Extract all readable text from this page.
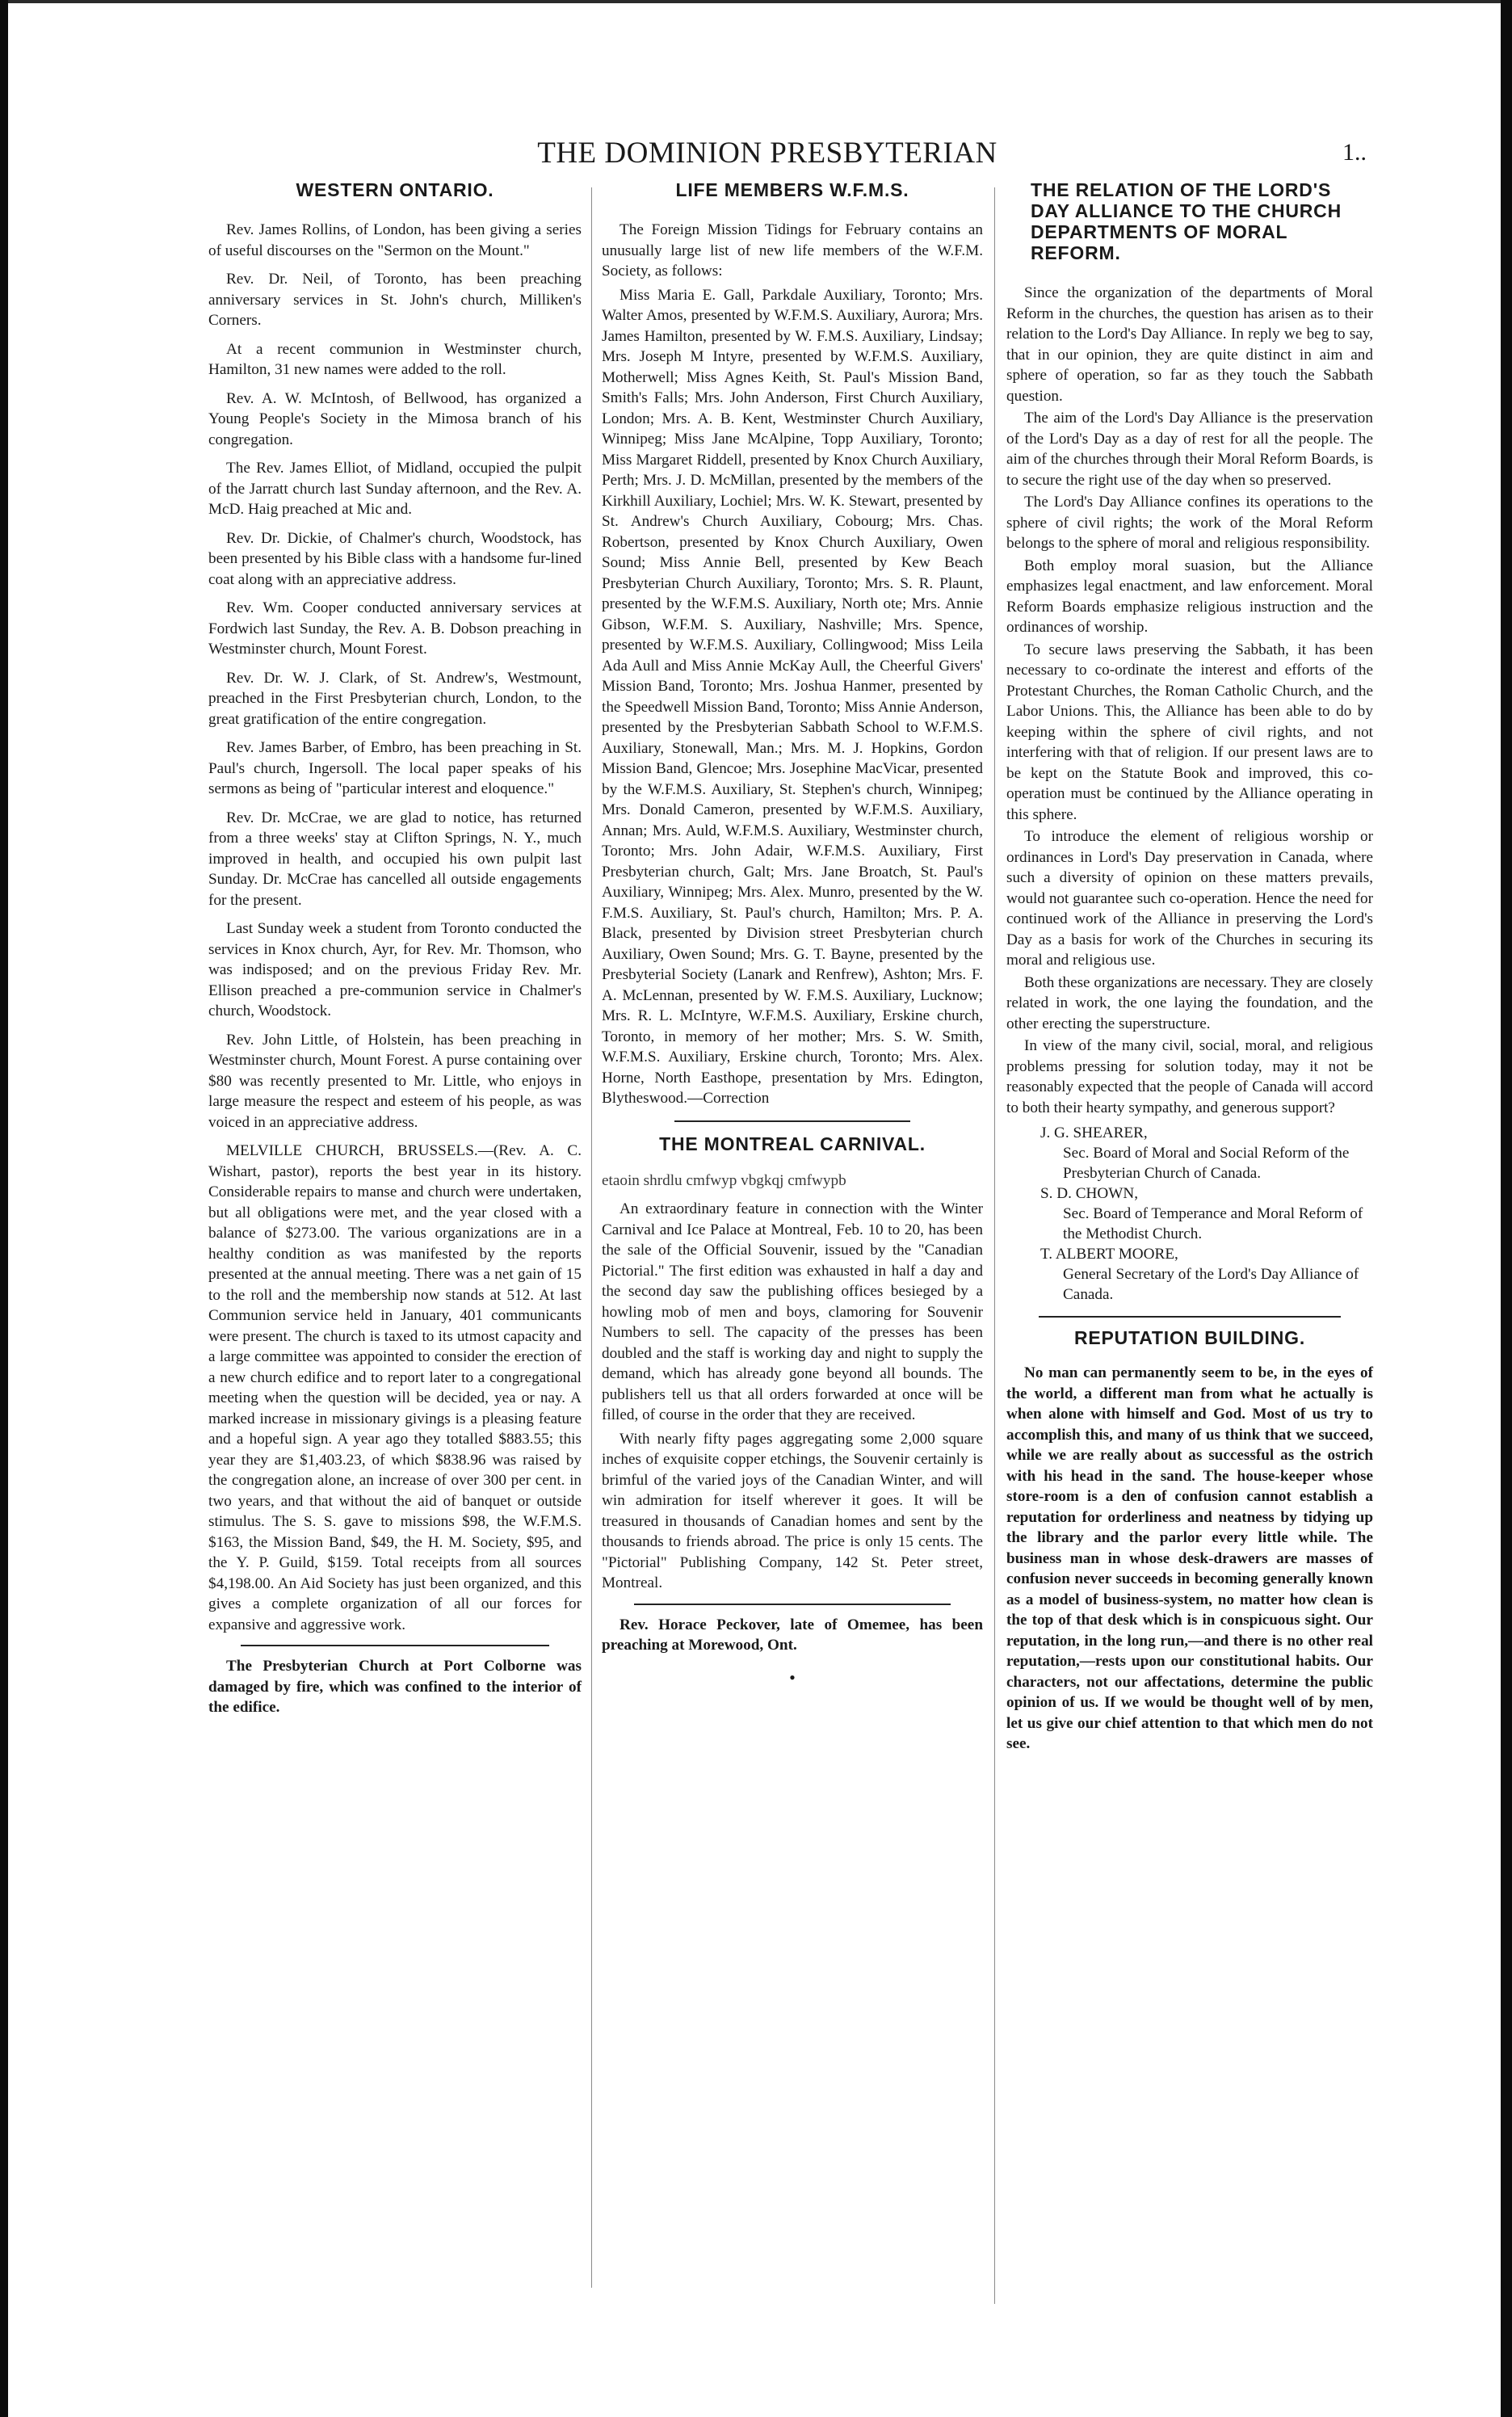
THE DOMINION PRESBYTERIAN	1..
WESTERN ONTARIO.

Rev. James Rollins, of London, has been giving a series of useful discourses on the "Sermon on the Mount."

Rev. Dr. Neil, of Toronto, has been preaching anniversary services in St. John's church, Milliken's Corners.

At a recent communion in Westminster church, Hamilton, 31 new names were added to the roll.

Rev. A. W. McIntosh, of Bellwood, has organized a Young People's Society in the Mimosa branch of his congregation.

The Rev. James Elliot, of Midland, occupied the pulpit of the Jarratt church last Sunday afternoon, and the Rev. A. McD. Haig preached at Mic and.

Rev. Dr. Dickie, of Chalmer's church, Woodstock, has been presented by his Bible class with a handsome fur-lined coat along with an appreciative address.

Rev. Wm. Cooper conducted anniversary services at Fordwich last Sunday, the Rev. A. B. Dobson preaching in Westminster church, Mount Forest.

Rev. Dr. W. J. Clark, of St. Andrew's, Westmount, preached in the First Presbyterian church, London, to the great gratification of the entire congregation.

Rev. James Barber, of Embro, has been preaching in St. Paul's church, Ingersoll. The local paper speaks of his sermons as being of "particular interest and eloquence."

Rev. Dr. McCrae, we are glad to notice, has returned from a three weeks' stay at Clifton Springs, N. Y., much improved in health, and occupied his own pulpit last Sunday. Dr. McCrae has cancelled all outside engagements for the present.

Last Sunday week a student from Toronto conducted the services in Knox church, Ayr, for Rev. Mr. Thomson, who was indisposed; and on the previous Friday Rev. Mr. Ellison preached a pre-communion service in Chalmer's church, Woodstock.

Rev. John Little, of Holstein, has been preaching in Westminster church, Mount Forest. A purse containing over $80 was recently presented to Mr. Little, who enjoys in large measure the respect and esteem of his people, as was voiced in an appreciative address.

MELVILLE CHURCH, BRUSSELS.—(Rev. A. C. Wishart, pastor), reports the best year in its history. Considerable repairs to manse and church were undertaken, but all obligations were met, and the year closed with a balance of $273.00. The various organizations are in a healthy condition as was manifested by the reports presented at the annual meeting. There was a net gain of 15 to the roll and the membership now stands at 512. At last Communion service held in January, 401 communicants were present. The church is taxed to its utmost capacity and a large committee was appointed to consider the erection of a new church edifice and to report later to a congregational meeting when the question will be decided, yea or nay. A marked increase in missionary givings is a pleasing feature and a hopeful sign. A year ago they totalled $883.55; this year they are $1,403.23, of which $838.96 was raised by the congregation alone, an increase of over 300 per cent. in two years, and that without the aid of banquet or outside stimulus. The S. S. gave to missions $98, the W.F.M.S. $163, the Mission Band, $49, the H. M. Society, $95, and the Y. P. Guild, $159. Total receipts from all sources $4,198.00. An Aid Society has just been organized, and this gives a complete organization of all our forces for expansive and aggressive work.

The Presbyterian Church at Port Colborne was damaged by fire, which was confined to the interior of the edifice.

LIFE MEMBERS W.F.M.S.

The Foreign Mission Tidings for February contains an unusually large list of new life members of the W.F.M. Society, as follows:

Miss Maria E. Gall, Parkdale Auxiliary, Toronto; Mrs. Walter Amos, presented by W.F.M.S. Auxiliary, Aurora; Mrs. James Hamilton, presented by W. F.M.S. Auxiliary, Lindsay; Mrs. Joseph M Intyre, presented by W.F.M.S. Auxiliary, Motherwell; Miss Agnes Keith, St. Paul's Mission Band, Smith's Falls; Mrs. John Anderson, First Church Auxiliary, London; Mrs. A. B. Kent, Westminster Church Auxiliary, Winnipeg; Miss Jane McAlpine, Topp Auxiliary, Toronto; Miss Margaret Riddell, presented by Knox Church Auxiliary, Perth; Mrs. J. D. McMillan, presented by the members of the Kirkhill Auxiliary, Lochiel; Mrs. W. K. Stewart, presented by St. Andrew's Church Auxiliary, Cobourg; Mrs. Chas. Robertson, presented by Knox Church Auxiliary, Owen Sound; Miss Annie Bell, presented by Kew Beach Presbyterian Church Auxiliary, Toronto; Mrs. S. R. Plaunt, presented by the W.F.M.S. Auxiliary, North ote; Mrs. Annie Gibson, W.F.M. S. Auxiliary, Nashville; Mrs. Spence, presented by W.F.M.S. Auxiliary, Collingwood; Miss Leila Ada Aull and Miss Annie McKay Aull, the Cheerful Givers' Mission Band, Toronto; Mrs. Joshua Hanmer, presented by the Speedwell Mission Band, Toronto; Miss Annie Anderson, presented by the Presbyterian Sabbath School to W.F.M.S. Auxiliary, Stonewall, Man.; Mrs. M. J. Hopkins, Gordon Mission Band, Glencoe; Mrs. Josephine MacVicar, presented by the W.F.M.S. Auxiliary, St. Stephen's church, Winnipeg; Mrs. Donald Cameron, presented by W.F.M.S. Auxiliary, Annan; Mrs. Auld, W.F.M.S. Auxiliary, Westminster church, Toronto; Mrs. John Adair, W.F.M.S. Auxiliary, First Presbyterian church, Galt; Mrs. Jane Broatch, St. Paul's Auxiliary, Winnipeg; Mrs. Alex. Munro, presented by the W. F.M.S. Auxiliary, St. Paul's church, Hamilton; Mrs. P. A. Black, presented by Division street Presbyterian church Auxiliary, Owen Sound; Mrs. G. T. Bayne, presented by the Presbyterial Society (Lanark and Renfrew), Ashton; Mrs. F. A. McLennan, presented by W. F.M.S. Auxiliary, Lucknow; Mrs. R. L. McIntyre, W.F.M.S. Auxiliary, Erskine church, Toronto, in memory of her mother; Mrs. S. W. Smith, W.F.M.S. Auxiliary, Erskine church, Toronto; Mrs. Alex. Horne, North Easthope, presentation by Mrs. Edington, Blytheswood.—Correction

THE MONTREAL CARNIVAL.

etaoin shrdlu cmfwyp vbgkqj cmfwypb

An extraordinary feature in connection with the Winter Carnival and Ice Palace at Montreal, Feb. 10 to 20, has been the sale of the Official Souvenir, issued by the "Canadian Pictorial." The first edition was exhausted in half a day and the second day saw the publishing offices besieged by a howling mob of men and boys, clamoring for Souvenir Numbers to sell. The capacity of the presses has been doubled and the staff is working day and night to supply the demand, which has already gone beyond all bounds. The publishers tell us that all orders forwarded at once will be filled, of course in the order that they are received.

With nearly fifty pages aggregating some 2,000 square inches of exquisite copper etchings, the Souvenir certainly is brimful of the varied joys of the Canadian Winter, and will win admiration for itself wherever it goes. It will be treasured in thousands of Canadian homes and sent by the thousands to friends abroad. The price is only 15 cents. The "Pictorial" Publishing Company, 142 St. Peter street, Montreal.

Rev. Horace Peckover, late of Omemee, has been preaching at Morewood, Ont.

•
THE RELATION OF THE LORD'S DAY ALLIANCE TO THE CHURCH DEPARTMENTS OF MORAL REFORM.

Since the organization of the departments of Moral Reform in the churches, the question has arisen as to their relation to the Lord's Day Alliance. In reply we beg to say, that in our opinion, they are quite distinct in aim and sphere of operation, so far as they touch the Sabbath question.

The aim of the Lord's Day Alliance is the preservation of the Lord's Day as a day of rest for all the people. The aim of the churches through their Moral Reform Boards, is to secure the right use of the day when so preserved.

The Lord's Day Alliance confines its operations to the sphere of civil rights; the work of the Moral Reform belongs to the sphere of moral and religious responsibility.

Both employ moral suasion, but the Alliance emphasizes legal enactment, and law enforcement. Moral Reform Boards emphasize religious instruction and the ordinances of worship.

To secure laws preserving the Sabbath, it has been necessary to co-ordinate the interest and efforts of the Protestant Churches, the Roman Catholic Church, and the Labor Unions. This, the Alliance has been able to do by keeping within the sphere of civil rights, and not interfering with that of religion. If our present laws are to be kept on the Statute Book and improved, this co-operation must be continued by the Alliance operating in this sphere.

To introduce the element of religious worship or ordinances in Lord's Day preservation in Canada, where such a diversity of opinion on these matters prevails, would not guarantee such co-operation. Hence the need for continued work of the Alliance in preserving the Lord's Day as a basis for work of the Churches in securing its moral and religious use.

Both these organizations are necessary. They are closely related in work, the one laying the foundation, and the other erecting the superstructure.

In view of the many civil, social, moral, and religious problems pressing for solution today, may it not be reasonably expected that the people of Canada will accord to both their hearty sympathy, and generous support?

J. G. SHEARER,
Sec. Board of Moral and Social Reform of the Presbyterian Church of Canada.
S. D. CHOWN,
Sec. Board of Temperance and Moral Reform of the Methodist Church.
T. ALBERT MOORE,
General Secretary of the Lord's Day Alliance of Canada.
REPUTATION BUILDING.

No man can permanently seem to be, in the eyes of the world, a different man from what he actually is when alone with himself and God. Most of us try to accomplish this, and many of us think that we succeed, while we are really about as successful as the ostrich with his head in the sand. The house-keeper whose store-room is a den of confusion cannot establish a reputation for orderliness and neatness by tidying up the library and the parlor every little while. The business man in whose desk-drawers are masses of confusion never succeeds in becoming generally known as a model of business-system, no matter how clean is the top of that desk which is in conspicuous sight. Our reputation, in the long run,—and there is no other real reputation,—rests upon our constitutional habits. Our characters, not our affectations, determine the public opinion of us. If we would be thought well of by men, let us give our chief attention to that which men do not see.
